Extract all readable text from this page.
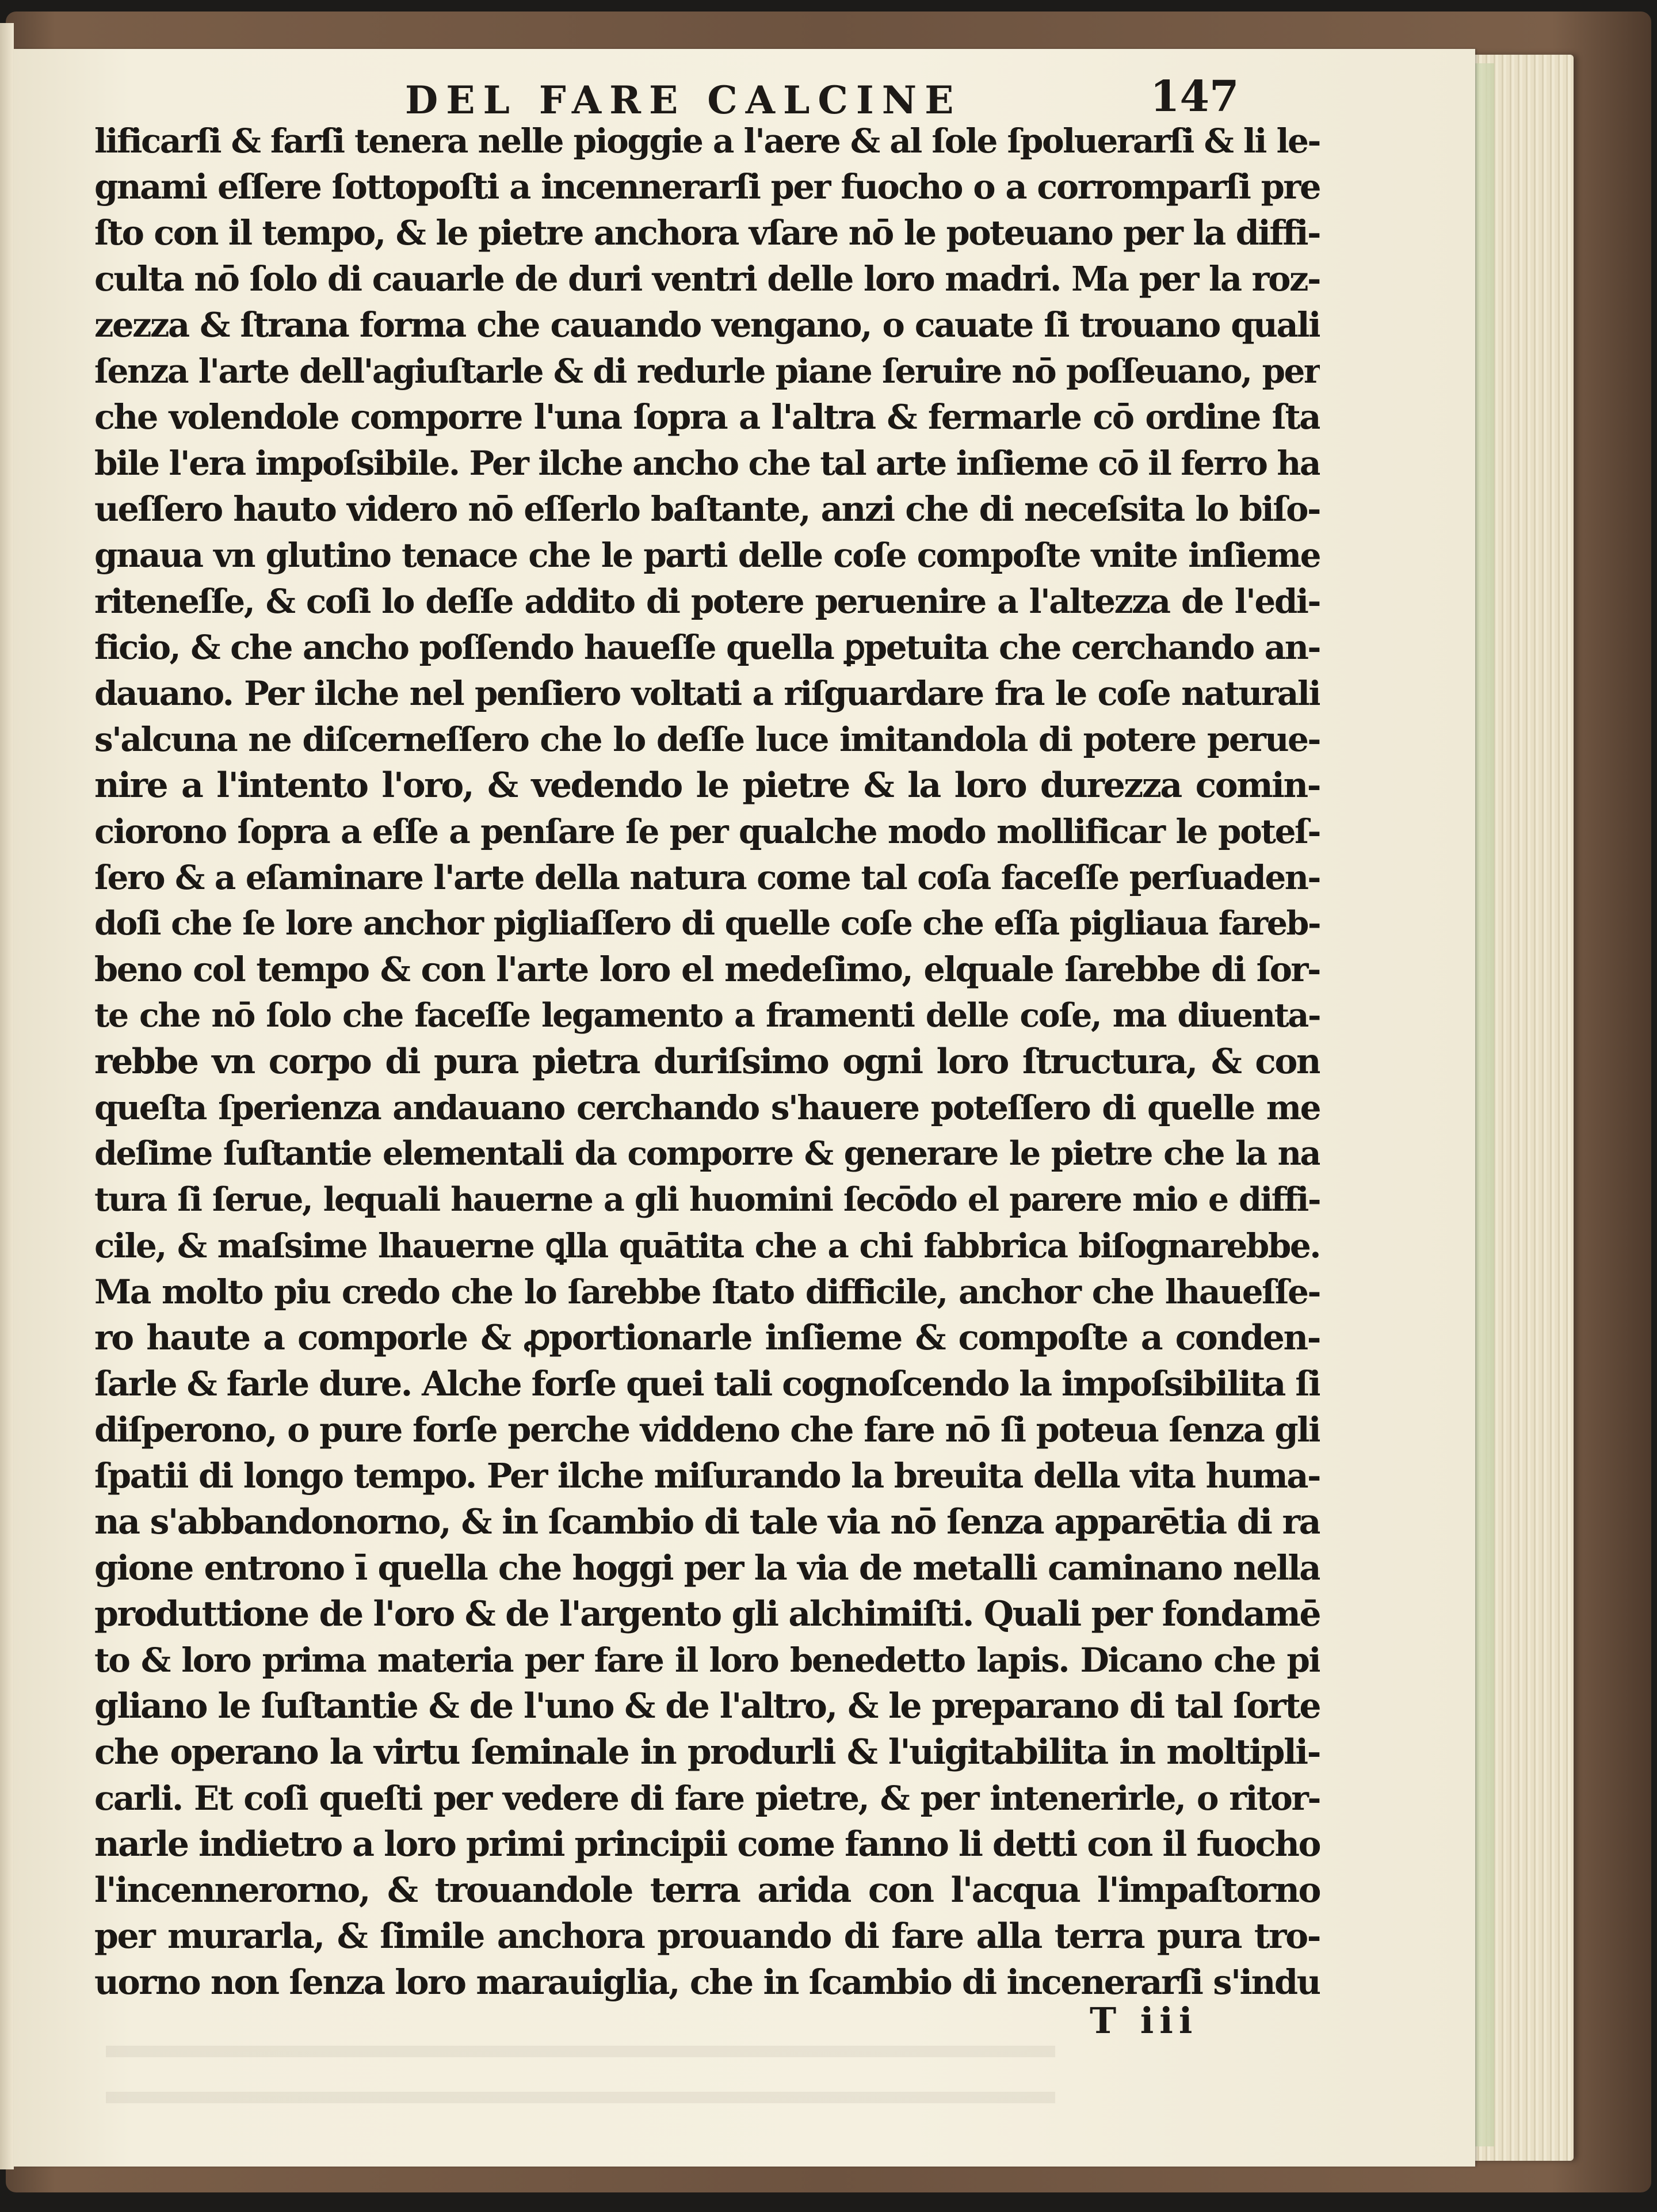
DEL FARE CALCINE	147
lificarſi & farſi tenera nelle pioggie a l'aere & al ſole ſpoluerarſi & li le-
gnami eſſere ſottopoſti a incennerarſi per fuocho o a corromparſi pre
ſto con il tempo, & le pietre anchora vſare nō le poteuano per la diffi-
culta nō ſolo di cauarle de duri ventri delle loro madri. Ma per la roz-
zezza & ſtrana forma che cauando vengano, o cauate ſi trouano quali
ſenza l'arte dell'agiuſtarle & di redurle piane ſeruire nō poſſeuano, per
che volendole comporre l'una ſopra a l'altra & fermarle cō ordine ſta
bile l'era impoſsibile. Per ilche ancho che tal arte inſieme cō il ferro ha
ueſſero hauto videro nō eſſerlo baſtante, anzi che di neceſsita lo biſo-
gnaua vn glutino tenace che le parti delle coſe compoſte vnite inſieme
riteneſſe, & coſi lo deſſe addito di potere peruenire a l'altezza de l'edi-
ficio, & che ancho poſſendo haueſſe quella ꝑpetuita che cerchando an-
dauano. Per ilche nel penſiero voltati a riſguardare fra le coſe naturali
s'alcuna ne diſcerneſſero che lo deſſe luce imitandola di potere perue-
nire a l'intento l'oro, & vedendo le pietre & la loro durezza comin-
ciorono ſopra a eſſe a penſare ſe per qualche modo mollificar le poteſ-
ſero & a eſaminare l'arte della natura come tal coſa faceſſe perſuaden-
doſi che ſe lore anchor pigliaſſero di quelle coſe che eſſa pigliaua fareb-
beno col tempo & con l'arte loro el medeſimo, elquale ſarebbe di ſor-
te che nō ſolo che faceſſe legamento a framenti delle coſe, ma diuenta-
rebbe vn corpo di pura pietra duriſsimo ogni loro ſtructura, & con
queſta ſperienza andauano cerchando s'hauere poteſſero di quelle me
deſime ſuſtantie elementali da comporre & generare le pietre che la na
tura ſi ſerue, lequali hauerne a gli huomini ſecōdo el parere mio e diffi-
cile, & maſsime lhauerne ꝗlla quātita che a chi fabbrica biſognarebbe.
Ma molto piu credo che lo ſarebbe ſtato difficile, anchor che lhaueſſe-
ro haute a comporle & ꝓportionarle inſieme & compoſte a conden-
ſarle & farle dure. Alche forſe quei tali cognoſcendo la impoſsibilita ſi
diſperono, o pure forſe perche viddeno che fare nō ſi poteua ſenza gli
ſpatii di longo tempo. Per ilche miſurando la breuita della vita huma-
na s'abbandonorno, & in ſcambio di tale via nō ſenza apparētia di ra
gione entrono ī quella che hoggi per la via de metalli caminano nella
produttione de l'oro & de l'argento gli alchimiſti. Quali per fondamē
to & loro prima materia per fare il loro benedetto lapis. Dicano che pi
gliano le ſuſtantie & de l'uno & de l'altro, & le preparano di tal ſorte
che operano la virtu ſeminale in produrli & l'uigitabilita in moltipli-
carli. Et coſi queſti per vedere di fare pietre, & per intenerirle, o ritor-
narle indietro a loro primi principii come fanno li detti con il fuocho
l'incennerorno, & trouandole terra arida con l'acqua l'impaſtorno
per murarla, & ſimile anchora prouando di fare alla terra pura tro-
uorno non ſenza loro marauiglia, che in ſcambio di incenerarſi s'indu
T iii
